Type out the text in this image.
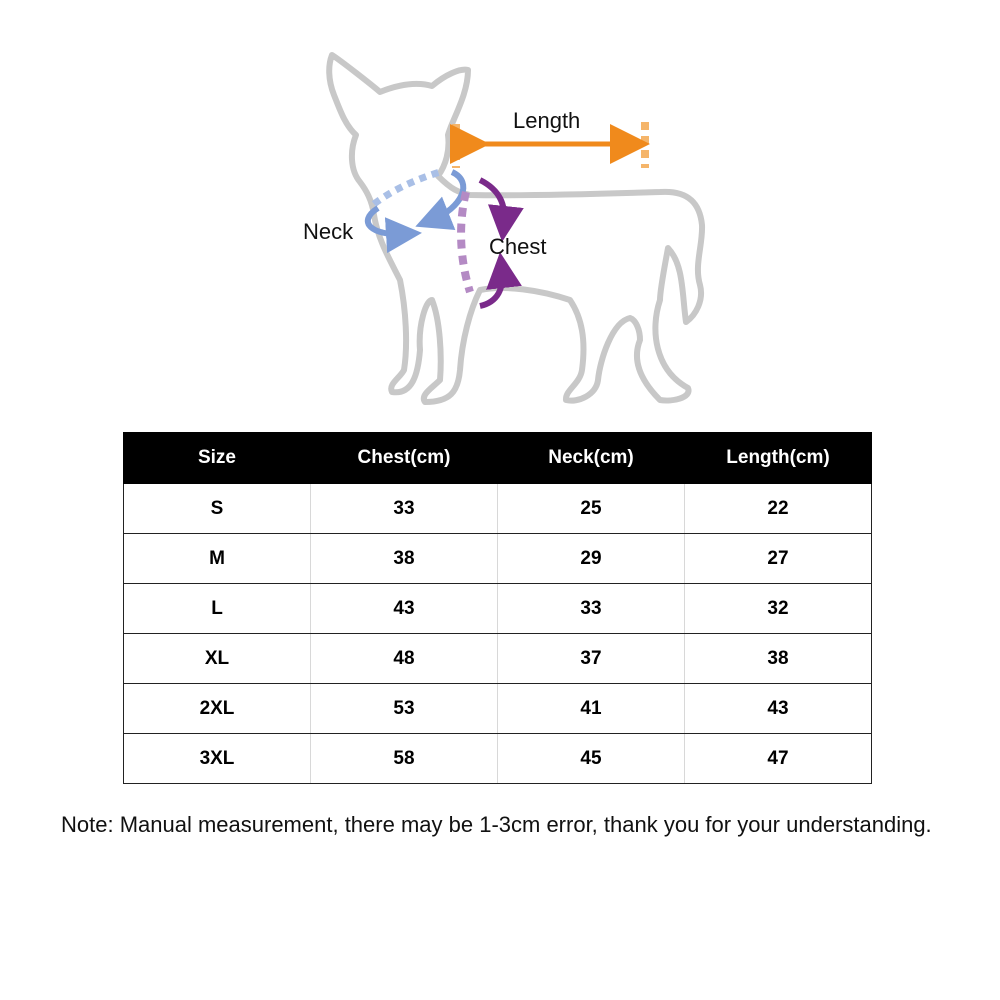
Length
Neck
Chest
Size	Chest(cm)	Neck(cm)	Length(cm)
S	33	25	22
M	38	29	27
L	43	33	32
XL	48	37	38
2XL	53	41	43
3XL	58	45	47
Note: Manual measurement, there may be 1-3cm error, thank you for your understanding.
